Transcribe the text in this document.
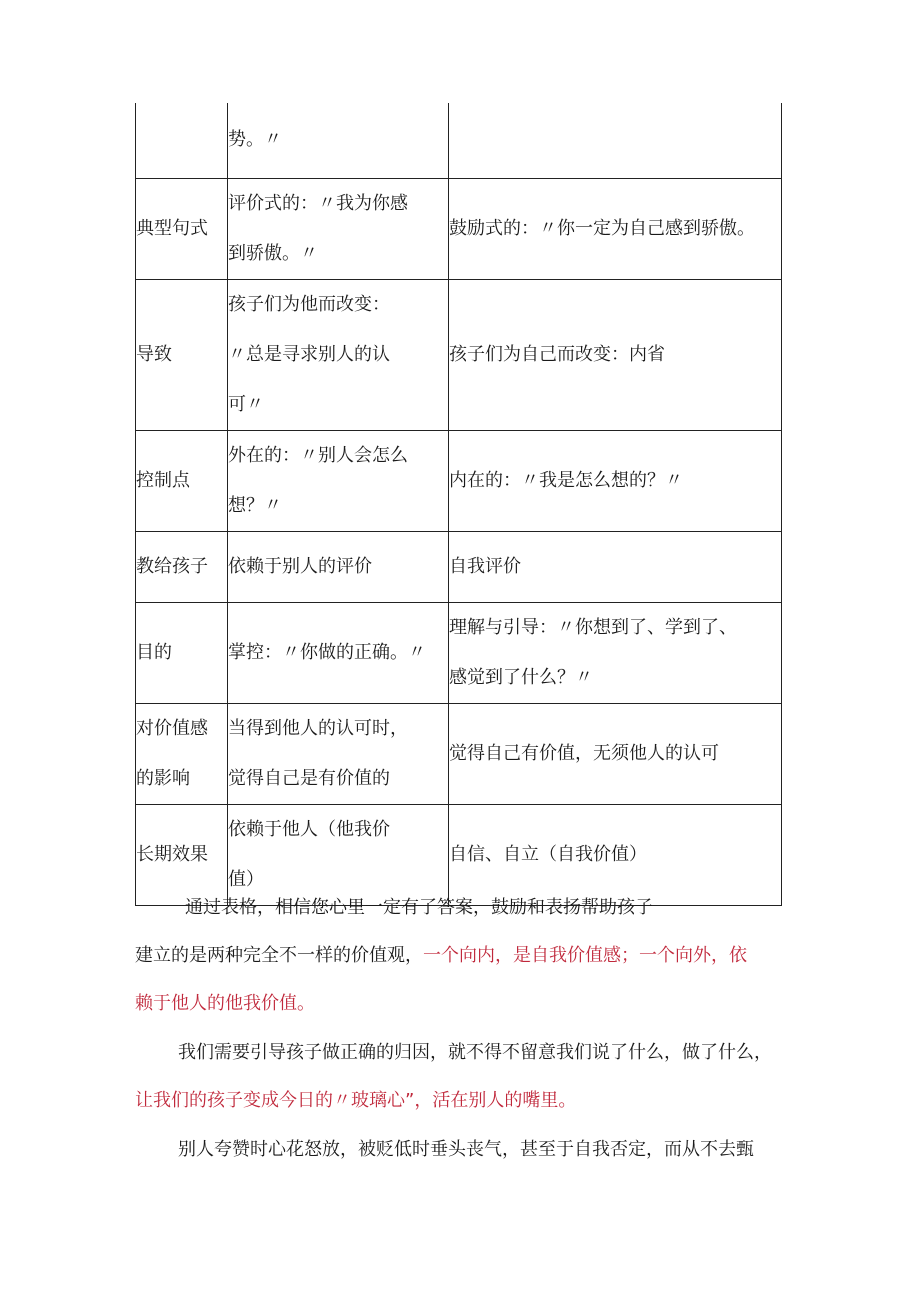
	势。〃	

典型句式	评价式的：〃我为你感
到骄傲。〃	鼓励式的：〃你一定为自己感到骄傲。

导致	孩子们为他而改变：
〃总是寻求别人的认
可〃	孩子们为自己而改变：内省

控制点	外在的：〃别人会怎么
想？〃	内在的：〃我是怎么想的？〃

教给孩子	依赖于别人的评价	自我评价

目的	掌控：〃你做的正确。〃	理解与引导：〃你想到了、学到了、
感觉到了什么？〃

对价值感
的影响	当得到他人的认可时，
觉得自己是有价值的	觉得自己有价值，无须他人的认可

长期效果	依赖于他人（他我价
值）	自信、自立（自我价值）
通过表格，相信您心里一定有了答案，鼓励和表扬帮助孩子
建立的是两种完全不一样的价值观，一个向内，是自我价值感；一个向外，依
赖于他人的他我价值。
我们需要引导孩子做正确的归因，就不得不留意我们说了什么，做了什么，
让我们的孩子变成今日的〃玻璃心”，活在别人的嘴里。
别人夸赞时心花怒放，被贬低时垂头丧气，甚至于自我否定，而从不去甄
